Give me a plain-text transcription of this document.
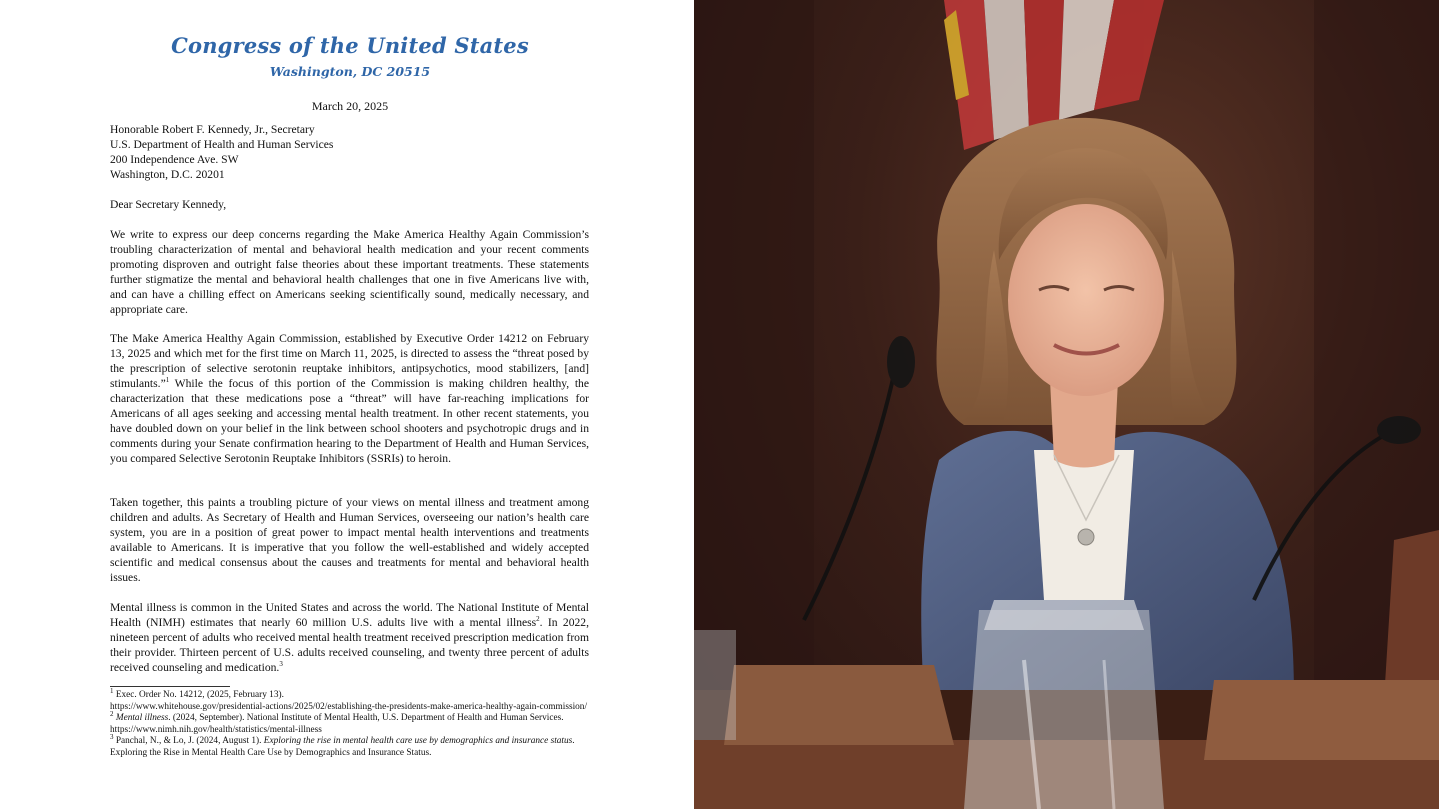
Congress of the United States
Washington, DC 20515
March 20, 2025
Honorable Robert F. Kennedy, Jr., Secretary
U.S. Department of Health and Human Services
200 Independence Ave. SW
Washington, D.C. 20201
Dear Secretary Kennedy,

We write to express our deep concerns regarding the Make America Healthy Again Commission’s troubling characterization of mental and behavioral health medication and your recent comments promoting disproven and outright false theories about these important treatments. These statements further stigmatize the mental and behavioral health challenges that one in five Americans live with, and can have a chilling effect on Americans seeking scientifically sound, medically necessary, and appropriate care.

The Make America Healthy Again Commission, established by Executive Order 14212 on February 13, 2025 and which met for the first time on March 11, 2025, is directed to assess the “threat posed by the prescription of selective serotonin reuptake inhibitors, antipsychotics, mood stabilizers, [and] stimulants.”$^1$ While the focus of this portion of the Commission is making children healthy, the characterization that these medications pose a “threat” will have far-reaching implications for Americans of all ages seeking and accessing mental health treatment. In other recent statements, you have doubled down on your belief in the link between school shooters and psychotropic drugs and in comments during your Senate confirmation hearing to the Department of Health and Human Services, you compared Selective Serotonin Reuptake Inhibitors (SSRIs) to heroin.

Taken together, this paints a troubling picture of your views on mental illness and treatment among children and adults. As Secretary of Health and Human Services, overseeing our nation’s health care system, you are in a position of great power to impact mental health interventions and treatments available to Americans. It is imperative that you follow the well-established and widely accepted scientific and medical consensus about the causes and treatments for mental and behavioral health issues.

Mental illness is common in the United States and across the world. The National Institute of Mental Health (NIMH) estimates that nearly 60 million U.S. adults live with a mental illness$^2$. In 2022, nineteen percent of adults who received mental health treatment received prescription medication from their provider. Thirteen percent of U.S. adults received counseling, and twenty three percent of adults received counseling and medication.$^3$

$^1$ Exec. Order No. 14212, (2025, February 13).
https://www.whitehouse.gov/presidential-actions/2025/02/establishing-the-presidents-make-america-healthy-again-commission/
$^2$ Mental illness. (2024, September). National Institute of Mental Health, U.S. Department of Health and Human Services. https://www.nimh.nih.gov/health/statistics/mental-illness
$^3$ Panchal, N., & Lo, J. (2024, August 1). Exploring the rise in mental health care use by demographics and insurance status. Exploring the Rise in Mental Health Care Use by Demographics and Insurance Status.
